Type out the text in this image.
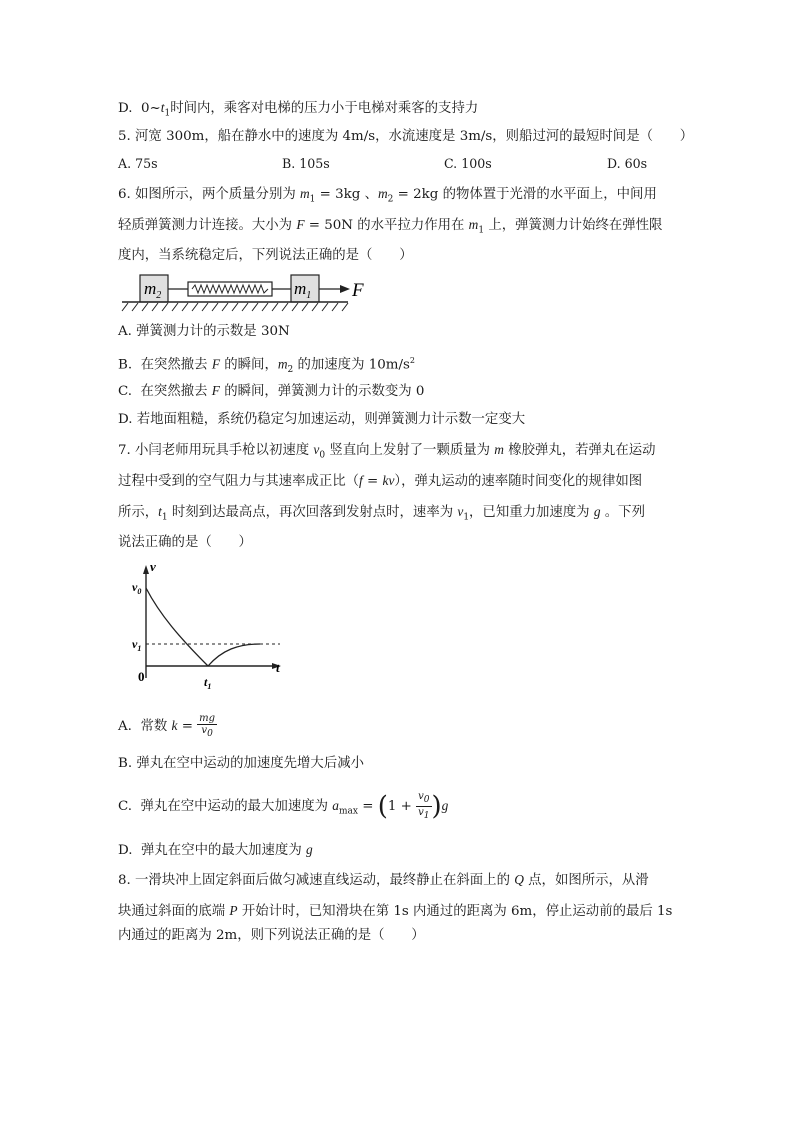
D.  $0\sim t_1$时间内，乘客对电梯的压力小于电梯对乘客的支持力
5. 河宽 300m，船在静水中的速度为 4m/s，水流速度是 3m/s，则船过河的最短时间是（　　）
A. 75s	B. 105s	C. 100s	D. 60s
6. 如图所示，两个质量分别为 $m_1 = 3kg$ 、$m_2 = 2kg$ 的物体置于光滑的水平面上，中间用
轻质弹簧测力计连接。大小为 F = 50N 的水平拉力作用在 $m_1$ 上，弹簧测力计始终在弹性限
度内，当系统稳定后，下列说法正确的是（　　）
$m_2$	$m_1$ F
A. 弹簧测力计的示数是 30N
B.  在突然撤去 F 的瞬间，$m_2$ 的加速度为 $10m/s^2$
C.  在突然撤去 F 的瞬间，弹簧测力计的示数变为 0
D. 若地面粗糙，系统仍稳定匀加速运动，则弹簧测力计示数一定变大
7. 小闫老师用玩具手枪以初速度 $v_0$ 竖直向上发射了一颗质量为 m 橡胶弹丸，若弹丸在运动
过程中受到的空气阻力与其速率成正比（f = kv），弹丸运动的速率随时间变化的规律如图
所示，$t_1$ 时刻到达最高点，再次回落到发射点时，速率为 $v_1$，已知重力加速度为 g 。下列
说法正确的是（　　）
v
t
$v_0$
$v_1$
0	$t_1$
A.  常数 $k = \frac{mg}{v_0}$
B. 弹丸在空中运动的加速度先增大后减小
C.  弹丸在空中运动的最大加速度为 $a_{max} = (1 + \frac{v_0}{v_1} )g$
D.  弹丸在空中的最大加速度为 g
8. 一滑块冲上固定斜面后做匀减速直线运动，最终静止在斜面上的 Q 点，如图所示，从滑
块通过斜面的底端 P 开始计时，已知滑块在第 1s 内通过的距离为 6m，停止运动前的最后 1s
内通过的距离为 2m，则下列说法正确的是（　　）
